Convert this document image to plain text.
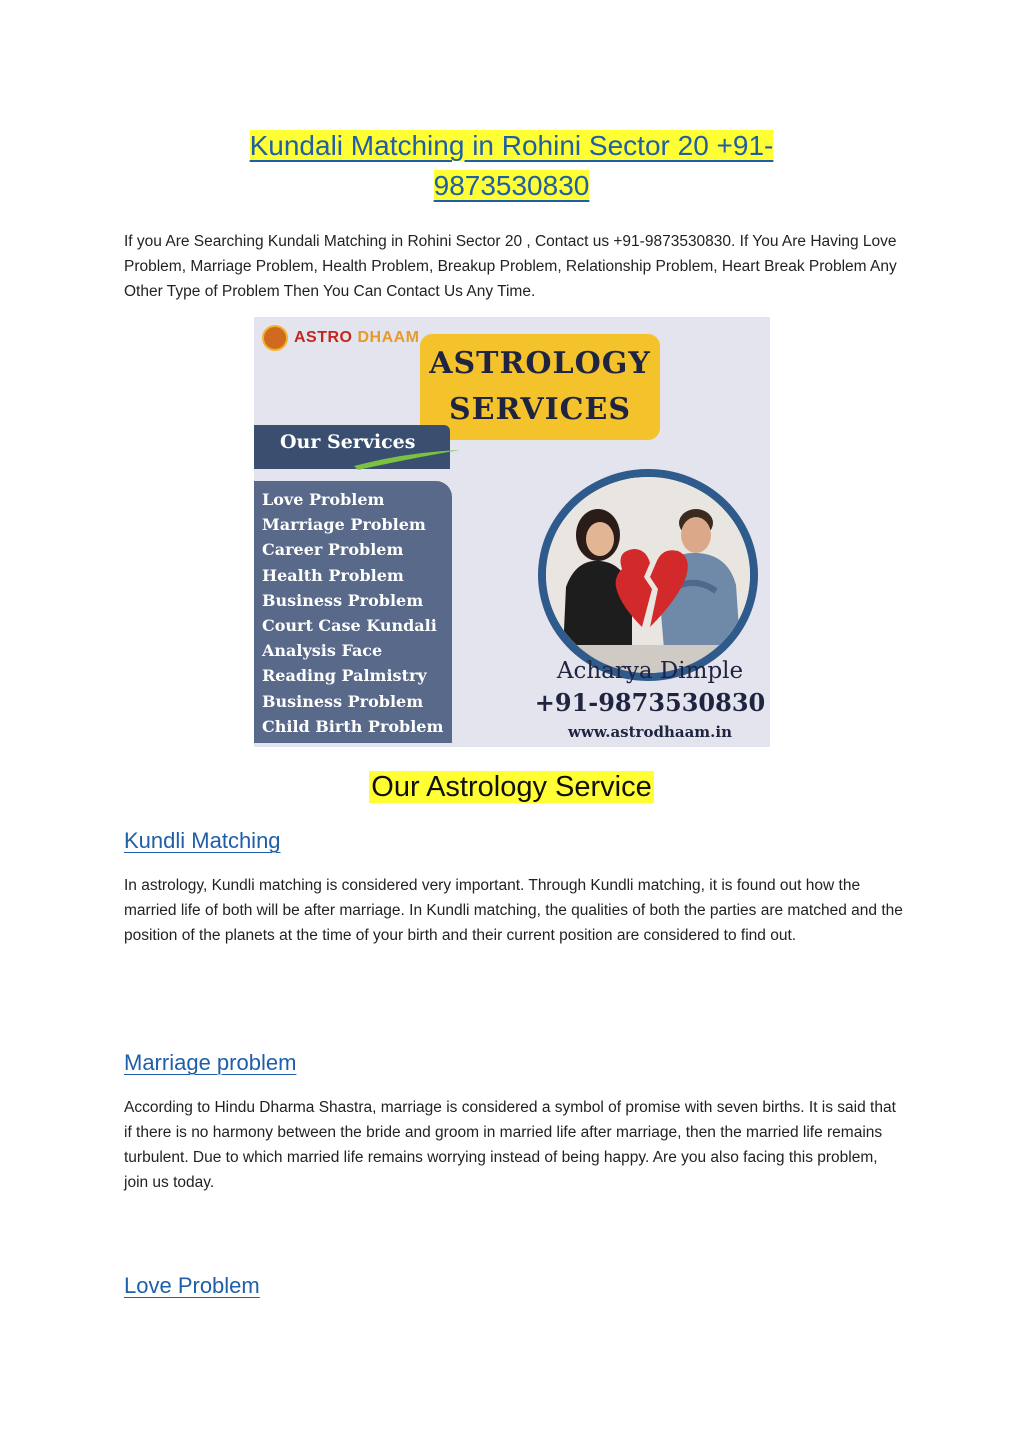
Kundali Matching in Rohini Sector 20 +91-
9873530830
If you Are Searching Kundali Matching in Rohini Sector 20 , Contact us +91-9873530830. If You Are Having Love Problem, Marriage Problem, Health Problem, Breakup Problem, Relationship Problem, Heart Break Problem Any Other Type of Problem Then You Can Contact Us Any Time.
ASTRO DHAAM
ASTROLOGY
SERVICES
Our Services
Love Problem
Marriage Problem
Career Problem
Health Problem
Business Problem
Court Case Kundali
Analysis Face
Reading Palmistry
Business Problem
Child Birth Problem
Acharya Dimple
+91-9873530830
www.astrodhaam.in
Our Astrology Service
Kundli Matching
In astrology, Kundli matching is considered very important. Through Kundli matching, it is found out how the married life of both will be after marriage. In Kundli matching, the qualities of both the parties are matched and the position of the planets at the time of your birth and their current position are considered to find out.
Marriage problem
According to Hindu Dharma Shastra, marriage is considered a symbol of promise with seven births. It is said that if there is no harmony between the bride and groom in married life after marriage, then the married life remains turbulent. Due to which married life remains worrying instead of being happy. Are you also facing this problem, join us today.
Love Problem
